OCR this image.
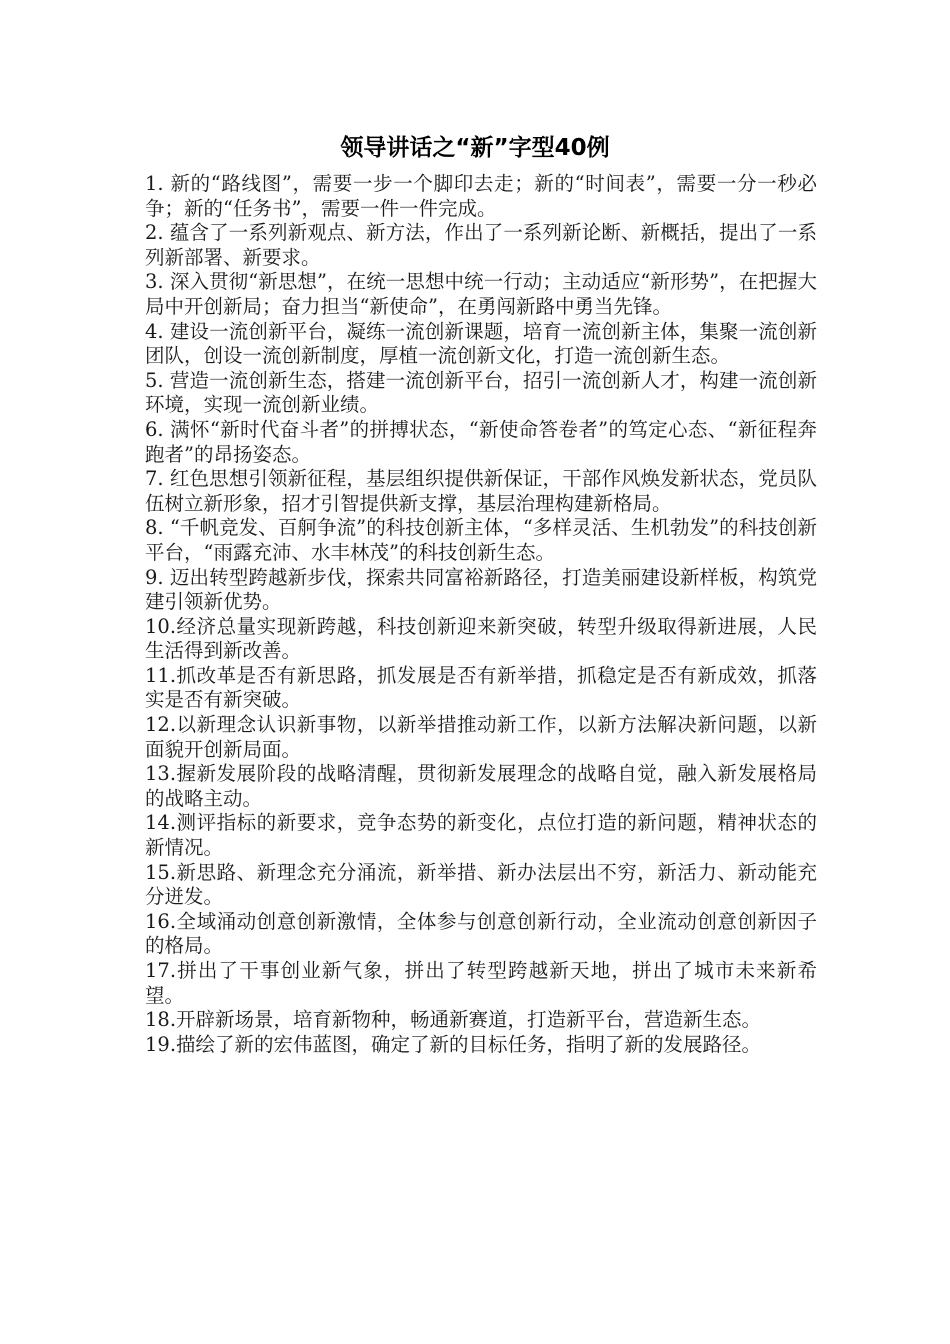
领导讲话之“新”字型40例

1. 新的“路线图”，需要一步一个脚印去走；新的“时间表”，需要一分一秒必争；新的“任务书”，需要一件一件完成。

2. 蕴含了一系列新观点、新方法，作出了一系列新论断、新概括，提出了一系列新部署、新要求。

3. 深入贯彻“新思想”，在统一思想中统一行动；主动适应“新形势”，在把握大局中开创新局；奋力担当“新使命”，在勇闯新路中勇当先锋。

4. 建设一流创新平台，凝练一流创新课题，培育一流创新主体，集聚一流创新团队，创设一流创新制度，厚植一流创新文化，打造一流创新生态。

5. 营造一流创新生态，搭建一流创新平台，招引一流创新人才，构建一流创新环境，实现一流创新业绩。

6. 满怀“新时代奋斗者”的拼搏状态，“新使命答卷者”的笃定心态、“新征程奔跑者”的昂扬姿态。

7. 红色思想引领新征程，基层组织提供新保证，干部作风焕发新状态，党员队伍树立新形象，招才引智提供新支撑，基层治理构建新格局。

8. “千帆竞发、百舸争流”的科技创新主体，“多样灵活、生机勃发”的科技创新平台，“雨露充沛、水丰林茂”的科技创新生态。

9. 迈出转型跨越新步伐，探索共同富裕新路径，打造美丽建设新样板，构筑党建引领新优势。

10.经济总量实现新跨越，科技创新迎来新突破，转型升级取得新进展，人民生活得到新改善。

11.抓改革是否有新思路，抓发展是否有新举措，抓稳定是否有新成效，抓落实是否有新突破。

12.以新理念认识新事物，以新举措推动新工作，以新方法解决新问题，以新面貌开创新局面。

13.握新发展阶段的战略清醒，贯彻新发展理念的战略自觉，融入新发展格局的战略主动。

14.测评指标的新要求，竞争态势的新变化，点位打造的新问题，精神状态的新情况。

15.新思路、新理念充分涌流，新举措、新办法层出不穷，新活力、新动能充分迸发。

16.全域涌动创意创新激情，全体参与创意创新行动，全业流动创意创新因子的格局。

17.拼出了干事创业新气象，拼出了转型跨越新天地，拼出了城市未来新希望。

18.开辟新场景，培育新物种，畅通新赛道，打造新平台，营造新生态。

19.描绘了新的宏伟蓝图，确定了新的目标任务，指明了新的发展路径。
